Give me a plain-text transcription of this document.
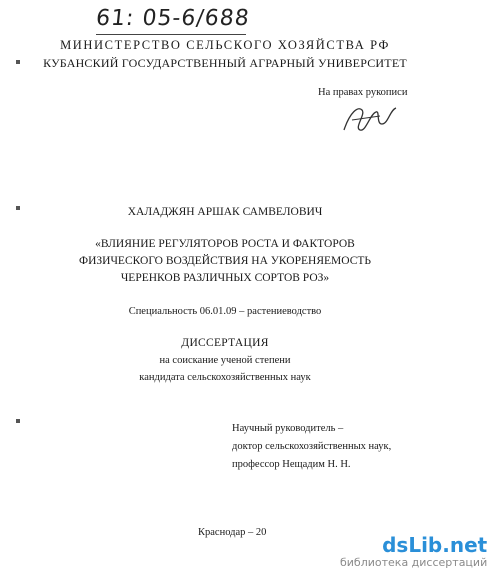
61: 05-6/688
МИНИСТЕРСТВО СЕЛЬСКОГО ХОЗЯЙСТВА РФ
КУБАНСКИЙ ГОСУДАРСТВЕННЫЙ АГРАРНЫЙ УНИВЕРСИТЕТ
На правах рукописи
ХАЛАДЖЯН АРШАК САМВЕЛОВИЧ
«ВЛИЯНИЕ РЕГУЛЯТОРОВ РОСТА И ФАКТОРОВ
ФИЗИЧЕСКОГО ВОЗДЕЙСТВИЯ НА УКОРЕНЯЕМОСТЬ
ЧЕРЕНКОВ РАЗЛИЧНЫХ СОРТОВ РОЗ»
Специальность 06.01.09 – растениеводство
ДИССЕРТАЦИЯ
на соискание ученой степени
кандидата сельскохозяйственных наук
Научный руководитель –
доктор сельскохозяйственных наук,
профессор Нещадим Н. Н.
Краснодар – 20
dsLib.net
библиотека диссертаций
